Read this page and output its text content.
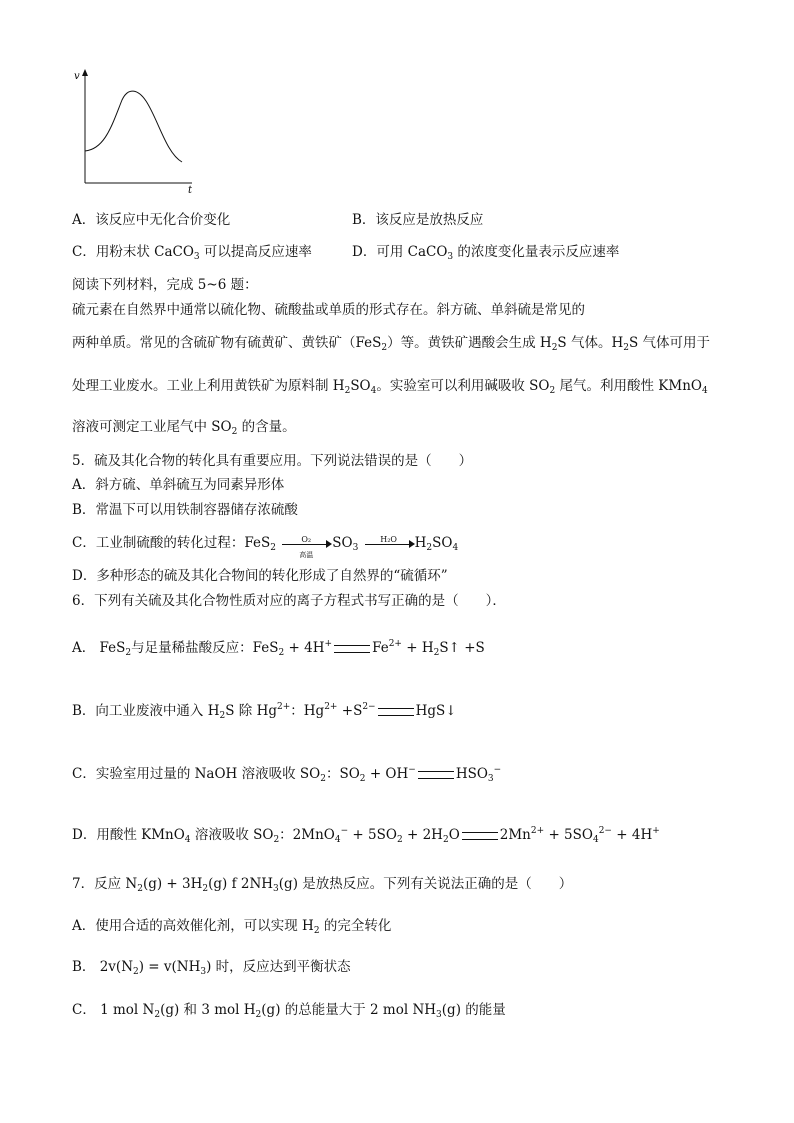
v
t
A．该反应中无化合价变化	B．该反应是放热反应
C．用粉末状 CaCO$_3$ 可以提高反应速率	D．可用 CaCO$_3$ 的浓度变化量表示反应速率
阅读下列材料，完成 5~6 题：
硫元素在自然界中通常以硫化物、硫酸盐或单质的形式存在。斜方硫、单斜硫是常见的
两种单质。常见的含硫矿物有硫黄矿、黄铁矿（FeS$_2$）等。黄铁矿遇酸会生成 $H_2S$ 气体。$H_2S$ 气体可用于
处理工业废水。工业上利用黄铁矿为原料制 $H_2SO_4$。实验室可以利用碱吸收 $SO_2$ 尾气。利用酸性 KMnO$_4$
溶液可测定工业尾气中 $SO_2$ 的含量。
5．硫及其化合物的转化具有重要应用。下列说法错误的是（　　）
A．斜方硫、单斜硫互为同素异形体
B．常温下可以用铁制容器储存浓硫酸
C．工业制硫酸的转化过程：FeS$_2$
O₂
高温
$SO_3$
H₂O	$H_2SO_4$
D．多种形态的硫及其化合物间的转化形成了自然界的“硫循环”
6．下列有关硫及其化合物性质对应的离子方程式书写正确的是（　　）．
A． FeS$_2$与足量稀盐酸反应：FeS$_2$ + 4H+	$Fe^{2+}$ + $H_2S↑ +S$
B．向工业废液中通入 $H_2S$ 除 $Hg^{2+}$：$Hg^{2+} +S^{2-}$	HgS↓
C．实验室用过量的 NaOH 溶液吸收 $SO_2$：$SO_2 + OH^-$	$HSO_3^-$
D．用酸性 KMnO$_4$ 溶液吸收 $SO_2$：$2MnO_4^- + 5SO_2 + 2H_2O$	$2Mn^{2+} + 5SO_4^{2-} + 4H^+$
7．反应 $N_2(g) + 3H_2(g)$ f $2NH_3(g)$ 是放热反应。下列有关说法正确的是（　　）
A．使用合适的高效催化剂，可以实现 $H_2$ 的完全转化
B． $2v(N_2) = v(NH_3)$ 时，反应达到平衡状态
C． 1 mol $N_2(g)$ 和 3 mol $H_2(g)$ 的总能量大于 2 mol $NH_3(g)$ 的能量
